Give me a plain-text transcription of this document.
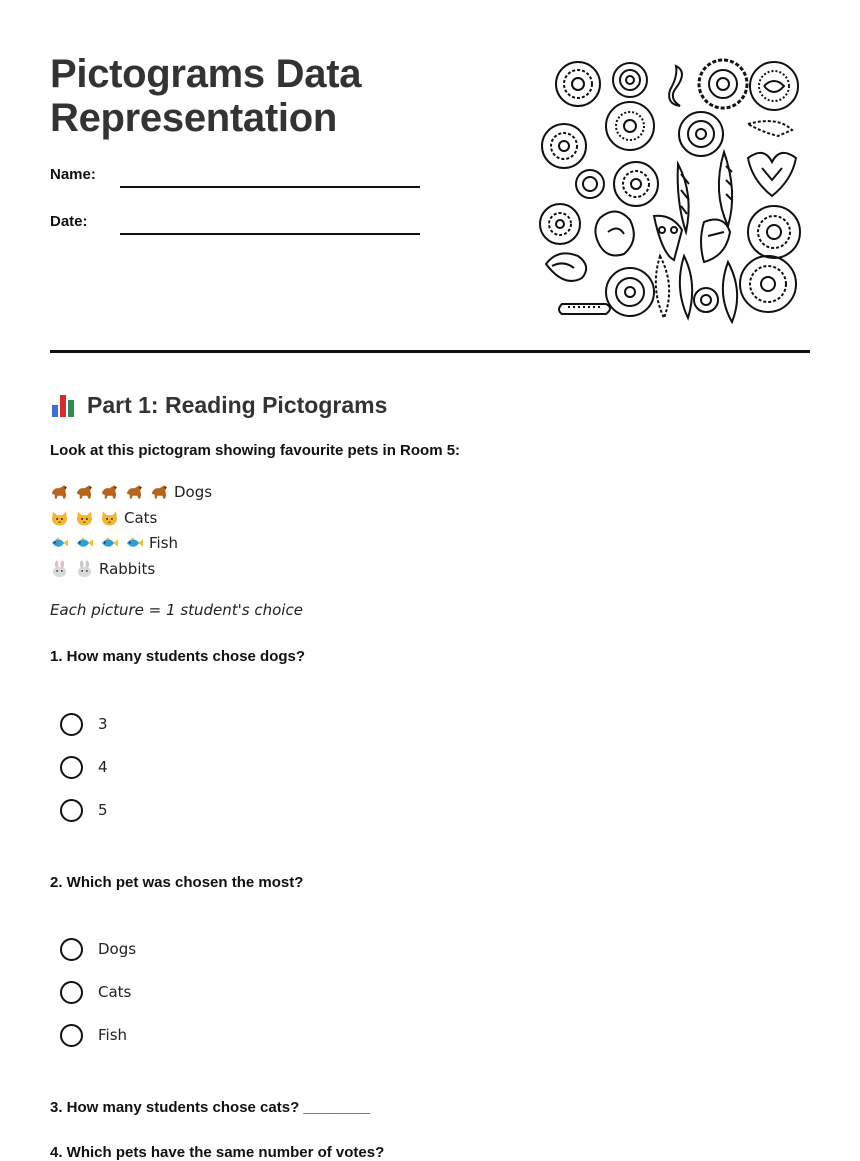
Pictograms Data Representation
Name:
Date:
Part 1: Reading Pictograms
Look at this pictogram showing favourite pets in Room 5:
Dogs
Cats
Fish
Rabbits
Each picture = 1 student's choice
1. How many students chose dogs?
3
4
5
2. Which pet was chosen the most?
Dogs
Cats
Fish
3. How many students chose cats? ________
4. Which pets have the same number of votes?
